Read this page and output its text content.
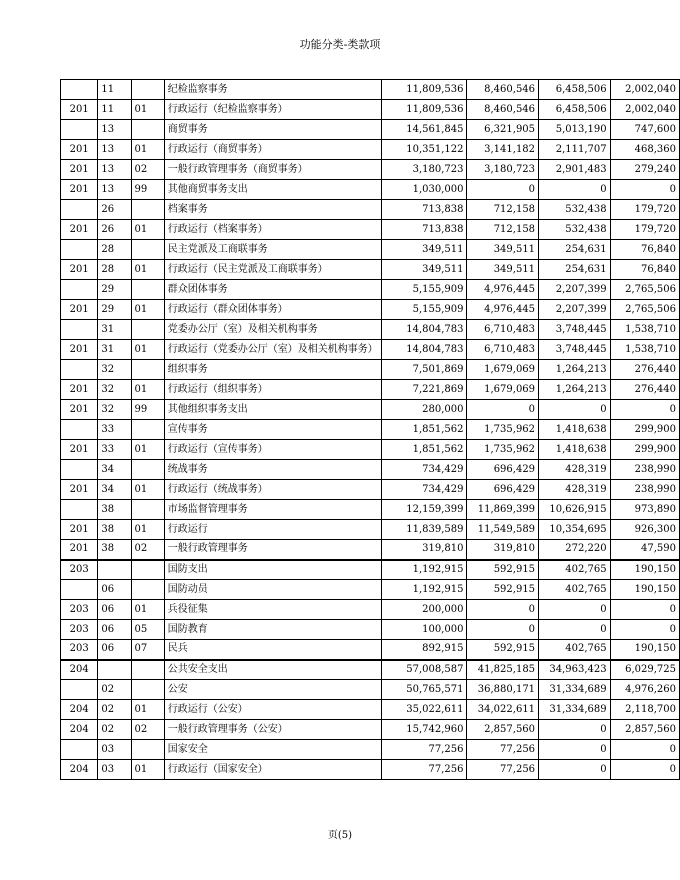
功能分类-类款项
	11		纪检监察事务	11,809,536	8,460,546	6,458,506	2,002,040
201	11	01	行政运行（纪检监察事务）	11,809,536	8,460,546	6,458,506	2,002,040
	13		商贸事务	14,561,845	6,321,905	5,013,190	747,600
201	13	01	行政运行（商贸事务）	10,351,122	3,141,182	2,111,707	468,360
201	13	02	一般行政管理事务（商贸事务）	3,180,723	3,180,723	2,901,483	279,240
201	13	99	其他商贸事务支出	1,030,000	0	0	0
	26		档案事务	713,838	712,158	532,438	179,720
201	26	01	行政运行（档案事务）	713,838	712,158	532,438	179,720
	28		民主党派及工商联事务	349,511	349,511	254,631	76,840
201	28	01	行政运行（民主党派及工商联事务）	349,511	349,511	254,631	76,840
	29		群众团体事务	5,155,909	4,976,445	2,207,399	2,765,506
201	29	01	行政运行（群众团体事务）	5,155,909	4,976,445	2,207,399	2,765,506
	31		党委办公厅（室）及相关机构事务	14,804,783	6,710,483	3,748,445	1,538,710
201	31	01	行政运行（党委办公厅（室）及相关机构事务）	14,804,783	6,710,483	3,748,445	1,538,710
	32		组织事务	7,501,869	1,679,069	1,264,213	276,440
201	32	01	行政运行（组织事务）	7,221,869	1,679,069	1,264,213	276,440
201	32	99	其他组织事务支出	280,000	0	0	0
	33		宣传事务	1,851,562	1,735,962	1,418,638	299,900
201	33	01	行政运行（宣传事务）	1,851,562	1,735,962	1,418,638	299,900
	34		统战事务	734,429	696,429	428,319	238,990
201	34	01	行政运行（统战事务）	734,429	696,429	428,319	238,990
	38		市场监督管理事务	12,159,399	11,869,399	10,626,915	973,890
201	38	01	行政运行	11,839,589	11,549,589	10,354,695	926,300
201	38	02	一般行政管理事务	319,810	319,810	272,220	47,590
203			国防支出	1,192,915	592,915	402,765	190,150
	06		国防动员	1,192,915	592,915	402,765	190,150
203	06	01	兵役征集	200,000	0	0	0
203	06	05	国防教育	100,000	0	0	0
203	06	07	民兵	892,915	592,915	402,765	190,150
204			公共安全支出	57,008,587	41,825,185	34,963,423	6,029,725
	02		公安	50,765,571	36,880,171	31,334,689	4,976,260
204	02	01	行政运行（公安）	35,022,611	34,022,611	31,334,689	2,118,700
204	02	02	一般行政管理事务（公安）	15,742,960	2,857,560	0	2,857,560
	03		国家安全	77,256	77,256	0	0
204	03	01	行政运行（国家安全）	77,256	77,256	0	0
页(5)
